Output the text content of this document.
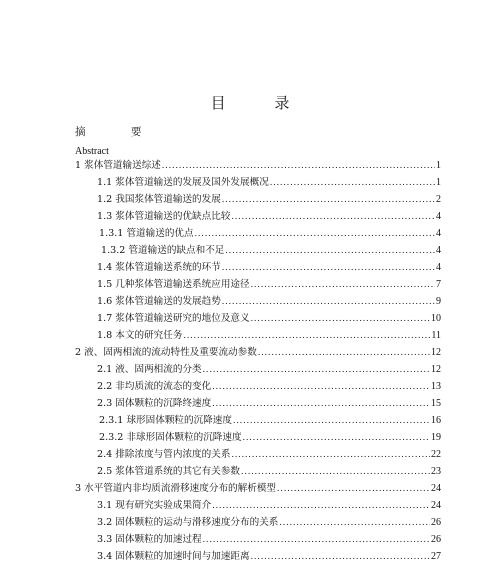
目 录
摘 要
Abstract
1 浆体管道输送综述 .....	1
1.1 浆体管道输送的发展及国外发展概况 .....	1
1.2 我国浆体管道输送的发展 .....	2
1.3 浆体管道输送的优缺点比较 .....	4
1.3.1 管道输送的优点 .....	4
1.3.2 管道输送的缺点和不足 .....	4
1.4 浆体管道输送系统的环节 .....	4
1.5 几种浆体管道输送系统应用途径 .....	7
1.6 浆体管道输送的发展趋势 .....	9
1.7 浆体管道输送研究的地位及意义 .....	10
1.8 本文的研究任务 .....	11
2 液、固两相流的流动特性及重要流动参数 .....	12
2.1 液、固两相流的分类 .....	12
2.2 非均质流的流态的变化 .....	13
2.3 固体颗粒的沉降终速度 .....	15
2.3.1 球形固体颗粒的沉降速度 .....	16
2.3.2 非球形固体颗粒的沉降速度 .....	19
2.4 排除浓度与管内浓度的关系 .....	22
2.5 浆体管道系统的其它有关参数 .....	23
3 水平管道内非均质流滑移速度分布的解析模型 .....	24
3.1 现有研究实验成果简介 .....	24
3.2 固体颗粒的运动与滑移速度分布的关系 .....	26
3.3 固体颗粒的加速过程 .....	26
3.4 固体颗粒的加速时间与加速距离 .....	27
